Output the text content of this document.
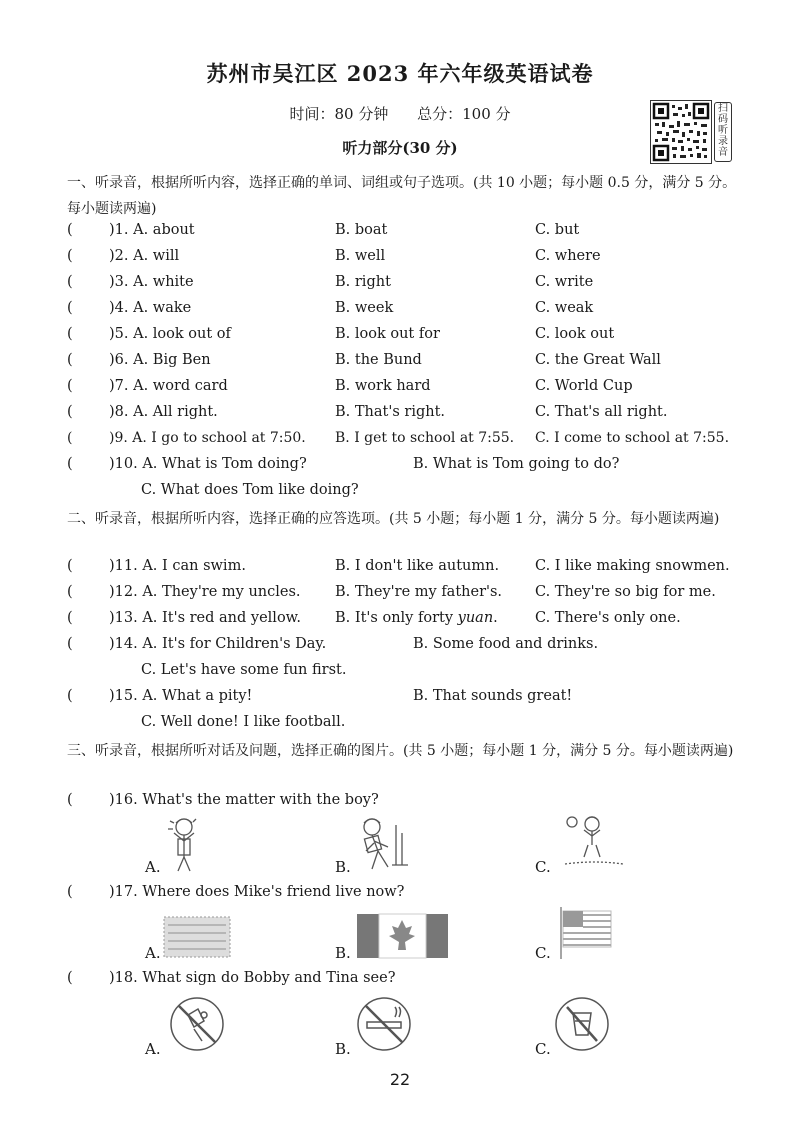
苏州市吴江区 2023 年六年级英语试卷
时间：80 分钟 总分：100 分
听力部分(30 分)
扫码听录音
一、听录音，根据所听内容，选择正确的单词、词组或句子选项。(共 10 小题；每小题 0.5 分，满分 5 分。每小题读两遍)
(	)1. A. about	B. boat	C. but
(	)2. A. will	B. well	C. where
(	)3. A. white	B. right	C. write
(	)4. A. wake	B. week	C. weak
(	)5. A. look out of	B. look out for	C. look out
(	)6. A. Big Ben	B. the Bund	C. the Great Wall
(	)7. A. word card	B. work hard	C. World Cup
(	)8. A. All right.	B. That's right.	C. That's all right.
(	)9. A. I go to school at 7:50. B. I get to school at 7:55. C. I come to school at 7:55.
(	)10. A. What is Tom doing?	B. What is Tom going to do?
C. What does Tom like doing?
二、听录音，根据所听内容，选择正确的应答选项。(共 5 小题；每小题 1 分，满分 5 分。每小题读两遍)
(	)11. A. I can swim.	B. I don't like autumn. C. I like making snowmen.
(	)12. A. They're my uncles. B. They're my father's. C. They're so big for me.
(	)13. A. It's red and yellow. B. It's only forty yuan.	C. There's only one.
(	)14. A. It's for Children's Day.	B. Some food and drinks.
C. Let's have some fun first.
(	)15. A. What a pity!	B. That sounds great!
C. Well done! I like football.
三、听录音，根据所听对话及问题，选择正确的图片。(共 5 小题；每小题 1 分，满分 5 分。每小题读两遍)
(	)16. What's the matter with the boy?
A.	B.	C.
(	)17. Where does Mike's friend live now?
A.	B.	C.
(	)18. What sign do Bobby and Tina see?
A.	B.	C.
22
